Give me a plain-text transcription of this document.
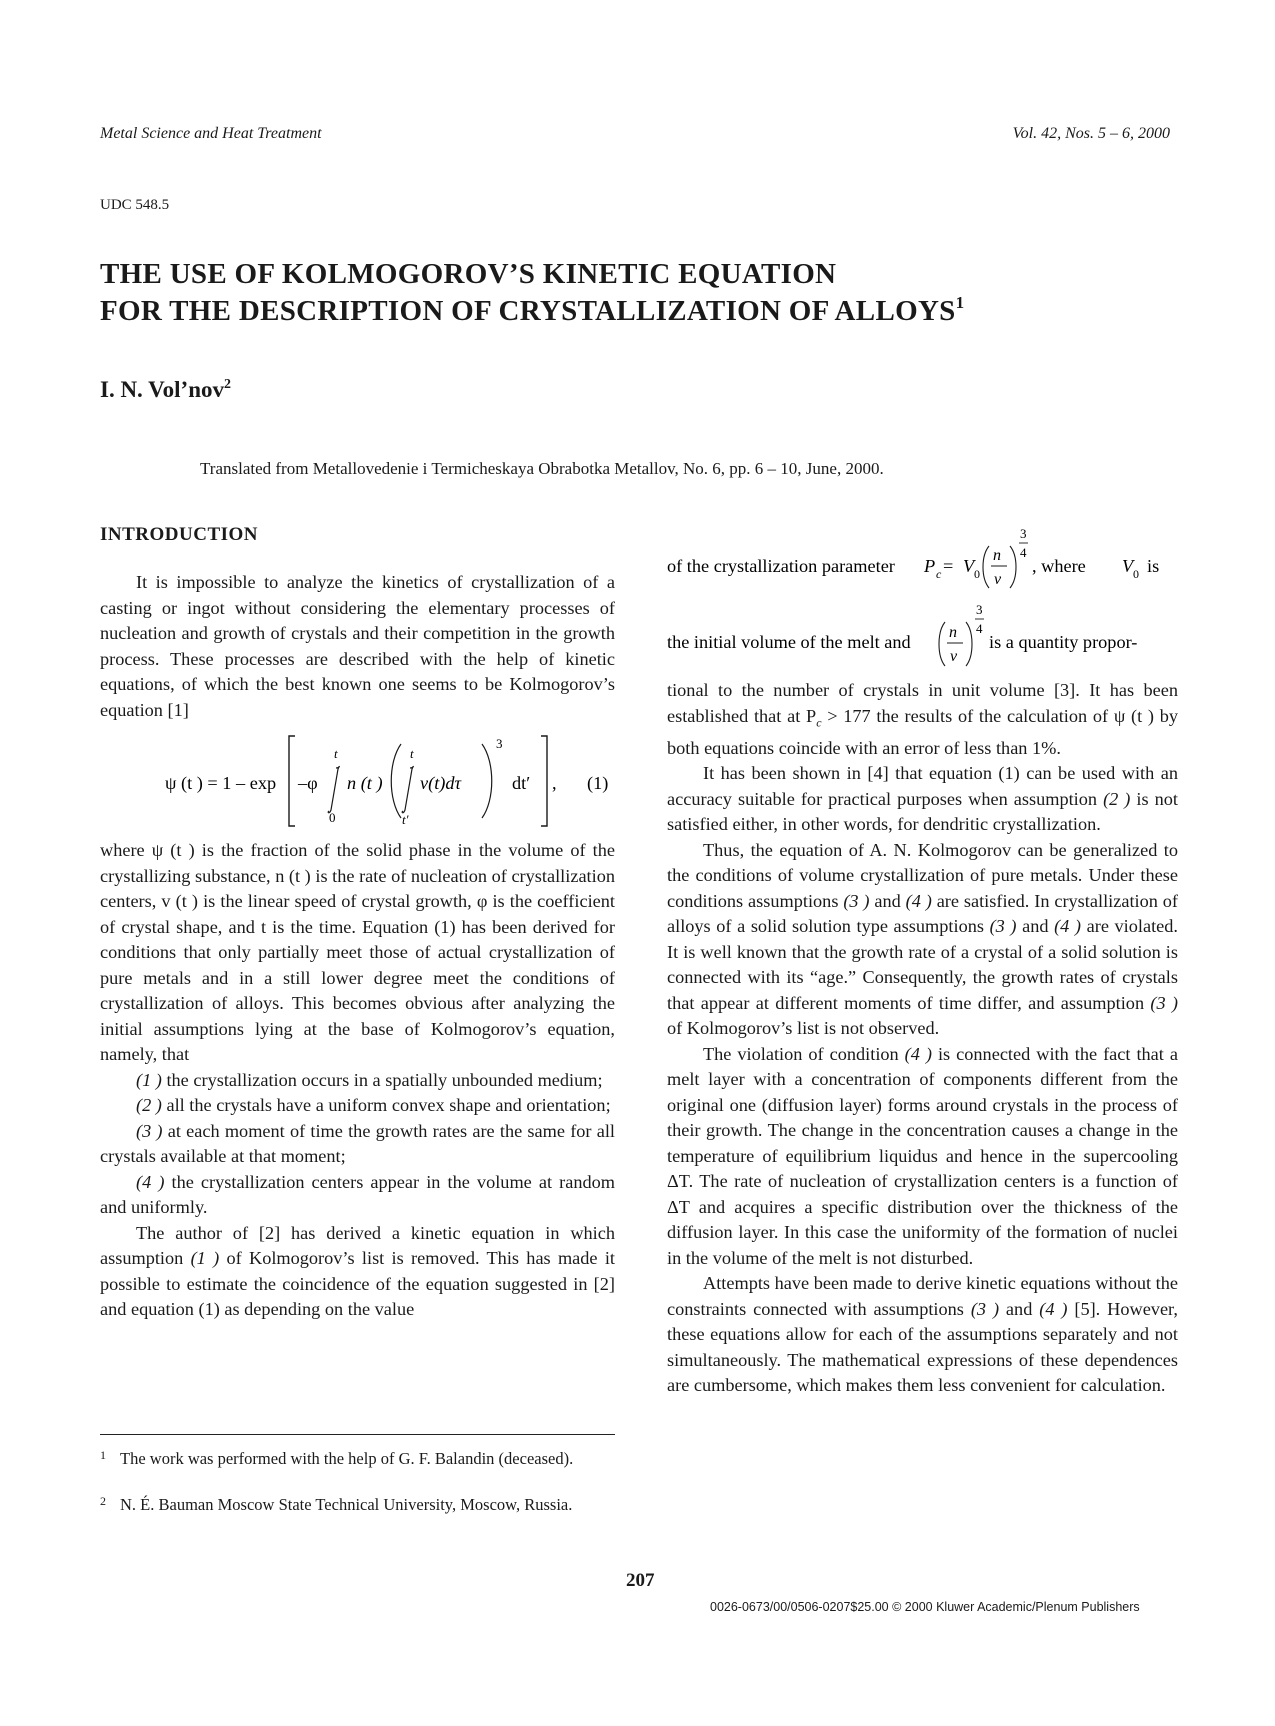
Metal Science and Heat Treatment	Vol. 42, Nos. 5 – 6, 2000
UDC 548.5
THE USE OF KOLMOGOROV’S KINETIC EQUATION
FOR THE DESCRIPTION OF CRYSTALLIZATION OF ALLOYS$^1$
I. N. Vol’nov$^2$
Translated from Metallovedenie i Termicheskaya Obrabotka Metallov, No. 6, pp. 6 – 10, June, 2000.
INTRODUCTION

It is impossible to analyze the kinetics of crystallization of a casting or ingot without considering the elementary processes of nucleation and growth of crystals and their competition in the growth process. These processes are described with the help of kinetic equations, of which the best known one seems to be Kolmogorov’s equation [1]

ψ (t ) = 1 – exp –φ
t
0
n (t )
t
t′
v(t)dτ
3
dt′ , (1)

where ψ (t ) is the fraction of the solid phase in the volume of the crystallizing substance, n (t ) is the rate of nucleation of crystallization centers, v (t ) is the linear speed of crystal growth, φ is the coefficient of crystal shape, and t is the time. Equation (1) has been derived for conditions that only partially meet those of actual crystallization of pure metals and in a still lower degree meet the conditions of crystallization of alloys. This becomes obvious after analyzing the initial assumptions lying at the base of Kolmogorov’s equation, namely, that

(1 ) the crystallization occurs in a spatially unbounded medium;

(2 ) all the crystals have a uniform convex shape and orientation;

(3 ) at each moment of time the growth rates are the same for all crystals available at that moment;

(4 ) the crystallization centers appear in the volume at random and uniformly.

The author of [2] has derived a kinetic equation in which assumption (1 ) of Kolmogorov’s list is removed. This has made it possible to estimate the coincidence of the equation suggested in [2] and equation (1) as depending on the value

1 The work was performed with the help of G. F. Balandin (deceased).
2 N. É. Bauman Moscow State Technical University, Moscow, Russia.
of the crystallization parameter P c = V 0
n
v
3
4
, where V 0 is
the initial volume of the melt and n
v
3
4
is a quantity propor-

tional to the number of crystals in unit volume [3]. It has been established that at $P_c > 177$ the results of the calculation of ψ (t ) by both equations coincide with an error of less than 1%.

It has been shown in [4] that equation (1) can be used with an accuracy suitable for practical purposes when assumption (2 ) is not satisfied either, in other words, for dendritic crystallization.

Thus, the equation of A. N. Kolmogorov can be generalized to the conditions of volume crystallization of pure metals. Under these conditions assumptions (3 ) and (4 ) are satisfied. In crystallization of alloys of a solid solution type assumptions (3 ) and (4 ) are violated. It is well known that the growth rate of a crystal of a solid solution is connected with its “age.” Consequently, the growth rates of crystals that appear at different moments of time differ, and assumption (3 ) of Kolmogorov’s list is not observed.

The violation of condition (4 ) is connected with the fact that a melt layer with a concentration of components different from the original one (diffusion layer) forms around crystals in the process of their growth. The change in the concentration causes a change in the temperature of equilibrium liquidus and hence in the supercooling ΔT. The rate of nucleation of crystallization centers is a function of ΔT and acquires a specific distribution over the thickness of the diffusion layer. In this case the uniformity of the formation of nuclei in the volume of the melt is not disturbed.

Attempts have been made to derive kinetic equations without the constraints connected with assumptions (3 ) and (4 ) [5]. However, these equations allow for each of the assumptions separately and not simultaneously. The mathematical expressions of these dependences are cumbersome, which makes them less convenient for calculation.

207
0026-0673/00/0506-0207$25.00 © 2000 Kluwer Academic/Plenum Publishers
